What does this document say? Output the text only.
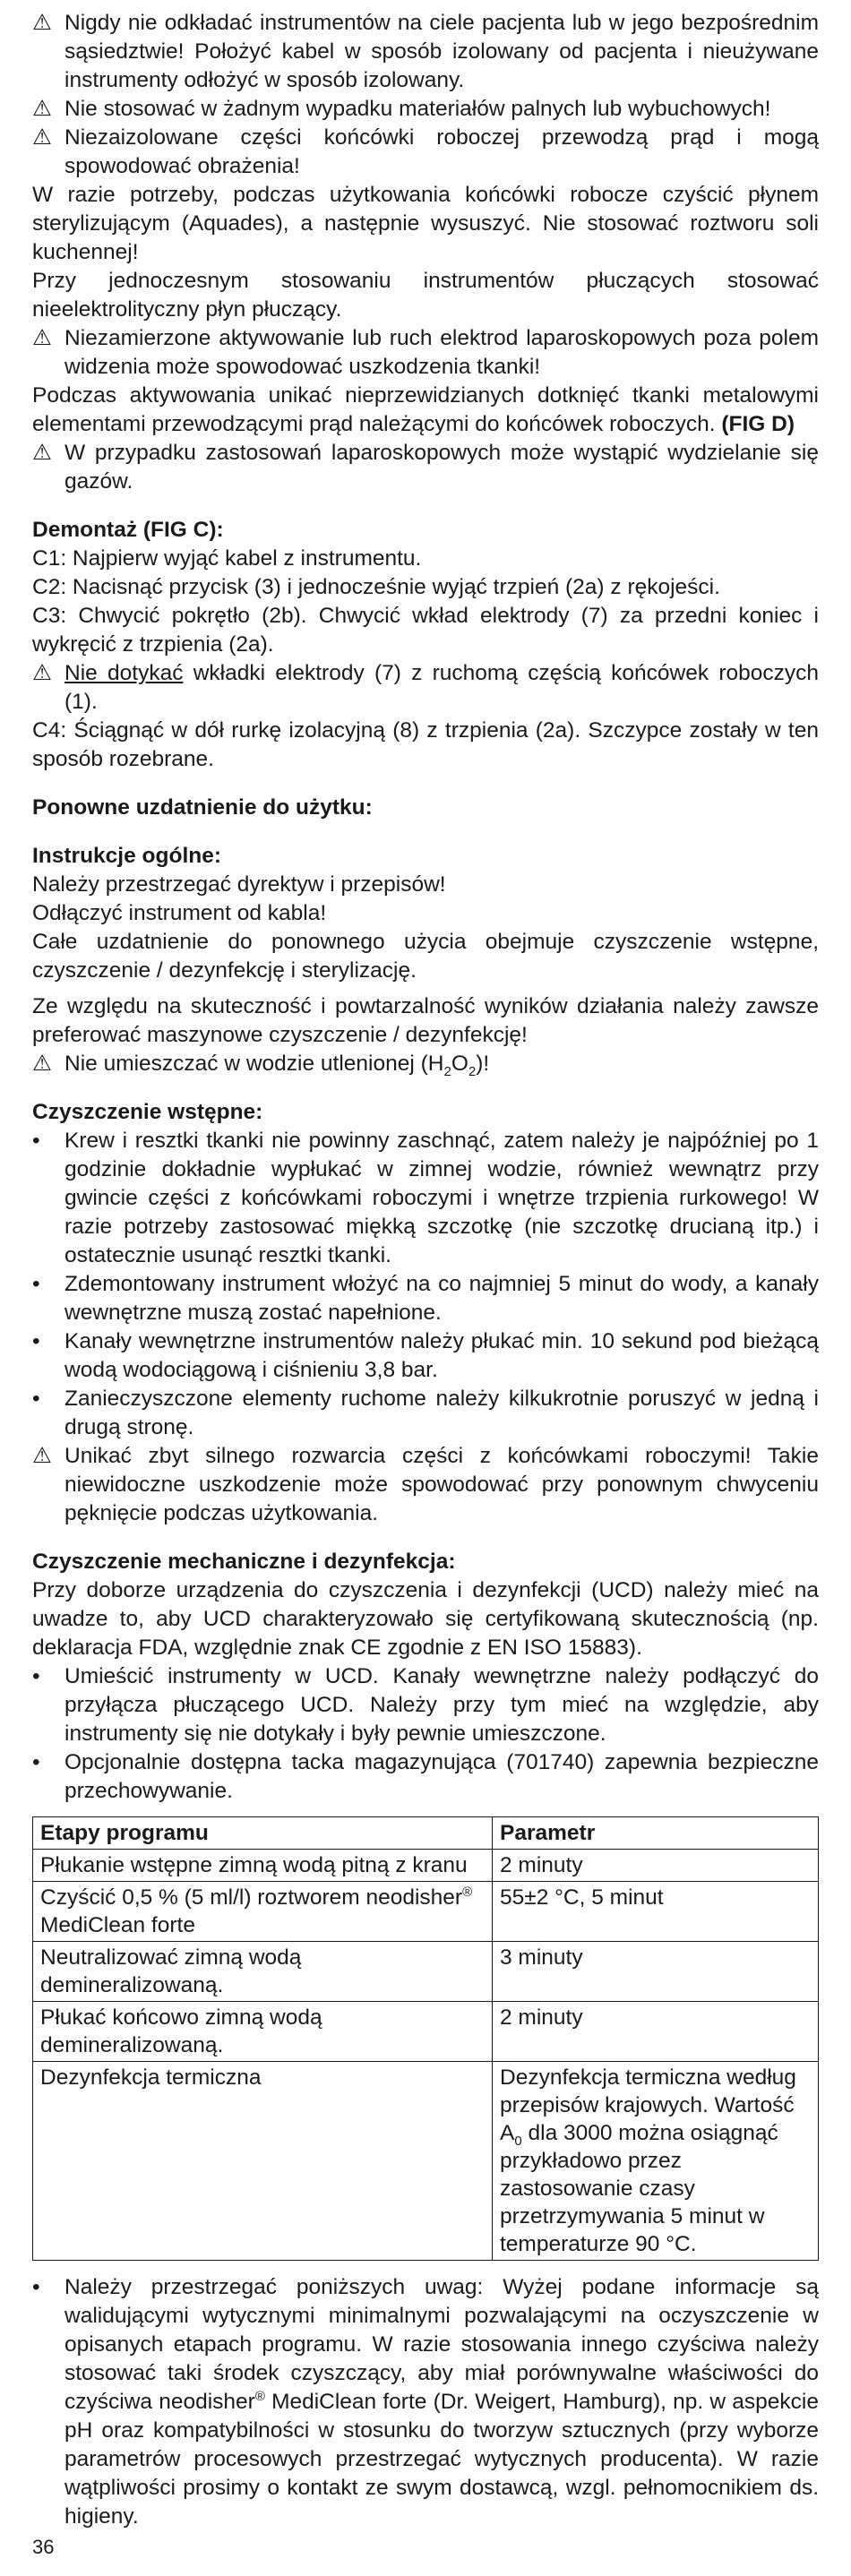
⚠ Nigdy nie odkładać instrumentów na ciele pacjenta lub w jego bezpośrednim sąsiedztwie! Położyć kabel w sposób izolowany od pacjenta i nieużywane instrumenty odłożyć w sposób izolowany.

⚠ Nie stosować w żadnym wypadku materiałów palnych lub wybuchowych!

⚠ Niezaizolowane części końcówki roboczej przewodzą prąd i mogą spowodować obrażenia!

W razie potrzeby, podczas użytkowania końcówki robocze czyścić płynem sterylizującym (Aquades), a następnie wysuszyć. Nie stosować roztworu soli kuchennej!

Przy jednoczesnym stosowaniu instrumentów płuczących stosować nieelektrolityczny płyn płuczący.

⚠ Niezamierzone aktywowanie lub ruch elektrod laparoskopowych poza polem widzenia może spowodować uszkodzenia tkanki!

Podczas aktywowania unikać nieprzewidzianych dotknięć tkanki metalowymi elementami przewodzącymi prąd należącymi do końcówek roboczych. (FIG D)

⚠ W przypadku zastosowań laparoskopowych może wystąpić wydzielanie się gazów.

Demontaż (FIG C):

C1: Najpierw wyjąć kabel z instrumentu.

C2: Nacisnąć przycisk (3) i jednocześnie wyjąć trzpień (2a) z rękojeści.

C3: Chwycić pokrętło (2b). Chwycić wkład elektrody (7) za przedni koniec i wykręcić z trzpienia (2a).

⚠ Nie dotykać wkładki elektrody (7) z ruchomą częścią końcówek roboczych (1).

C4: Ściągnąć w dół rurkę izolacyjną (8) z trzpienia (2a). Szczypce zostały w ten sposób rozebrane.

Ponowne uzdatnienie do użytku:
Instrukcje ogólne:

Należy przestrzegać dyrektyw i przepisów!

Odłączyć instrument od kabla!

Całe uzdatnienie do ponownego użycia obejmuje czyszczenie wstępne, czyszczenie / dezynfekcję i sterylizację.

Ze względu na skuteczność i powtarzalność wyników działania należy zawsze preferować maszynowe czyszczenie / dezynfekcję!

⚠ Nie umieszczać w wodzie utlenionej $(H_2O_2)$!

Czyszczenie wstępne:
• Krew i resztki tkanki nie powinny zaschnąć, zatem należy je najpóźniej po 1 godzinie dokładnie wypłukać w zimnej wodzie, również wewnątrz przy gwincie części z końcówkami roboczymi i wnętrze trzpienia rurkowego! W razie potrzeby zastosować miękką szczotkę (nie szczotkę drucianą itp.) i ostatecznie usunąć resztki tkanki.
• Zdemontowany instrument włożyć na co najmniej 5 minut do wody, a kanały wewnętrzne muszą zostać napełnione.
• Kanały wewnętrzne instrumentów należy płukać min. 10 sekund pod bieżącą wodą wodociągową i ciśnieniu 3,8 bar.
• Zanieczyszczone elementy ruchome należy kilkukrotnie poruszyć w jedną i drugą stronę.
⚠ Unikać zbyt silnego rozwarcia części z końcówkami roboczymi! Takie niewidoczne uszkodzenie może spowodować przy ponownym chwyceniu pęknięcie podczas użytkowania.
Czyszczenie mechaniczne i dezynfekcja:

Przy doborze urządzenia do czyszczenia i dezynfekcji (UCD) należy mieć na uwadze to, aby UCD charakteryzowało się certyfikowaną skutecznością (np. deklaracja FDA, względnie znak CE zgodnie z EN ISO 15883).

• Umieścić instrumenty w UCD. Kanały wewnętrzne należy podłączyć do przyłącza płuczącego UCD. Należy przy tym mieć na względzie, aby instrumenty się nie dotykały i były pewnie umieszczone.
• Opcjonalnie dostępna tacka magazynująca (701740) zapewnia bezpieczne przechowywanie.
Etapy programu	Parametr
Płukanie wstępne zimną wodą pitną z kranu	2 minuty
Czyścić 0,5 % (5 ml/l) roztworem neodisher® MediClean forte	55±2 °C, 5 minut
Neutralizować zimną wodą demineralizowaną.	3 minuty
Płukać końcowo zimną wodą demineralizowaną.	2 minuty
Dezynfekcja termiczna	Dezynfekcja termiczna według przepisów krajowych. Wartość $A_0$ dla 3000 można osiągnąć przykładowo przez zastosowanie czasy przetrzymywania 5 minut w temperaturze 90 °C.
• Należy przestrzegać poniższych uwag: Wyżej podane informacje są walidującymi wytycznymi minimalnymi pozwalającymi na oczyszczenie w opisanych etapach programu. W razie stosowania innego czyściwa należy stosować taki środek czyszczący, aby miał porównywalne właściwości do czyściwa neodisher® MediClean forte (Dr. Weigert, Hamburg), np. w aspekcie pH oraz kompatybilności w stosunku do tworzyw sztucznych (przy wyborze parametrów procesowych przestrzegać wytycznych producenta). W razie wątpliwości prosimy o kontakt ze swym dostawcą, wzgl. pełnomocnikiem ds. higieny.
36
